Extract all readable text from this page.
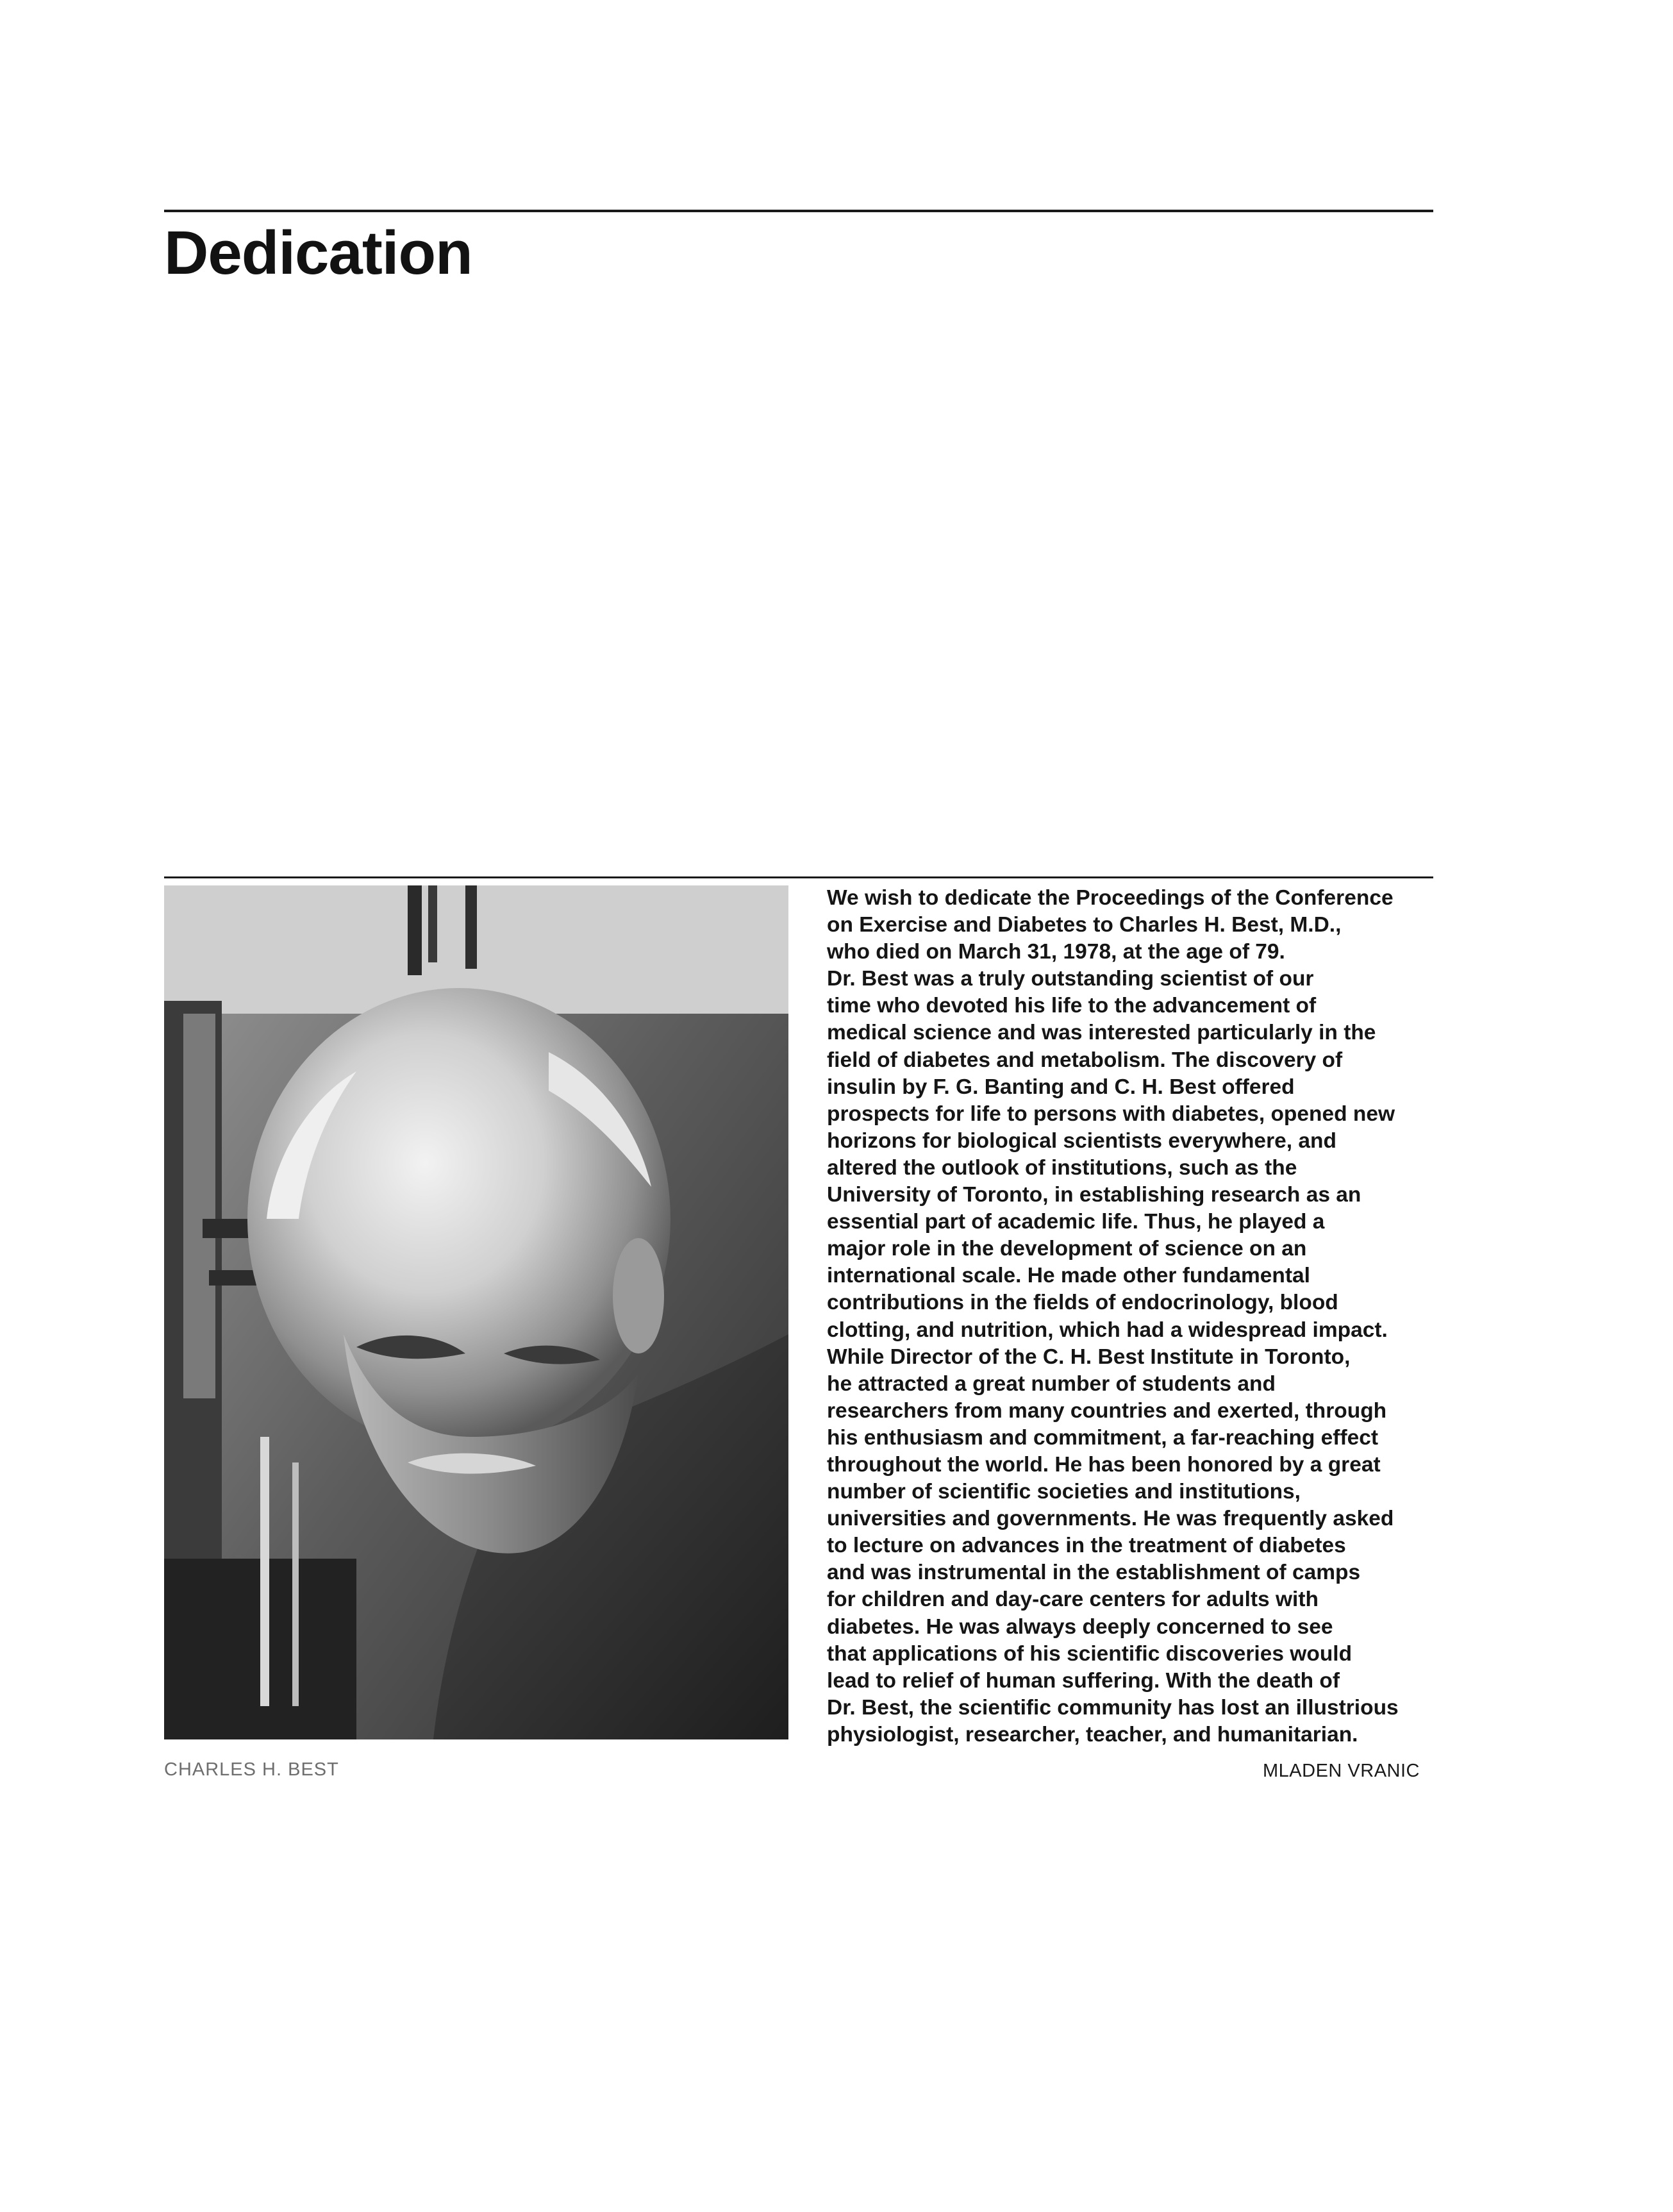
Dedication
CHARLES H. BEST

We wish to dedicate the Proceedings of the Conference
on Exercise and Diabetes to Charles H. Best, M.D.,
who died on March 31, 1978, at the age of 79.
Dr. Best was a truly outstanding scientist of our
time who devoted his life to the advancement of
medical science and was interested particularly in the
field of diabetes and metabolism. The discovery of
insulin by F. G. Banting and C. H. Best offered
prospects for life to persons with diabetes, opened new
horizons for biological scientists everywhere, and
altered the outlook of institutions, such as the
University of Toronto, in establishing research as an
essential part of academic life. Thus, he played a
major role in the development of science on an
international scale. He made other fundamental
contributions in the fields of endocrinology, blood
clotting, and nutrition, which had a widespread impact.
While Director of the C. H. Best Institute in Toronto,
he attracted a great number of students and
researchers from many countries and exerted, through
his enthusiasm and commitment, a far-reaching effect
throughout the world. He has been honored by a great
number of scientific societies and institutions,
universities and governments. He was frequently asked
to lecture on advances in the treatment of diabetes
and was instrumental in the establishment of camps
for children and day-care centers for adults with
diabetes. He was always deeply concerned to see
that applications of his scientific discoveries would
lead to relief of human suffering. With the death of
Dr. Best, the scientific community has lost an illustrious
physiologist, researcher, teacher, and humanitarian.

MLADEN VRANIC
